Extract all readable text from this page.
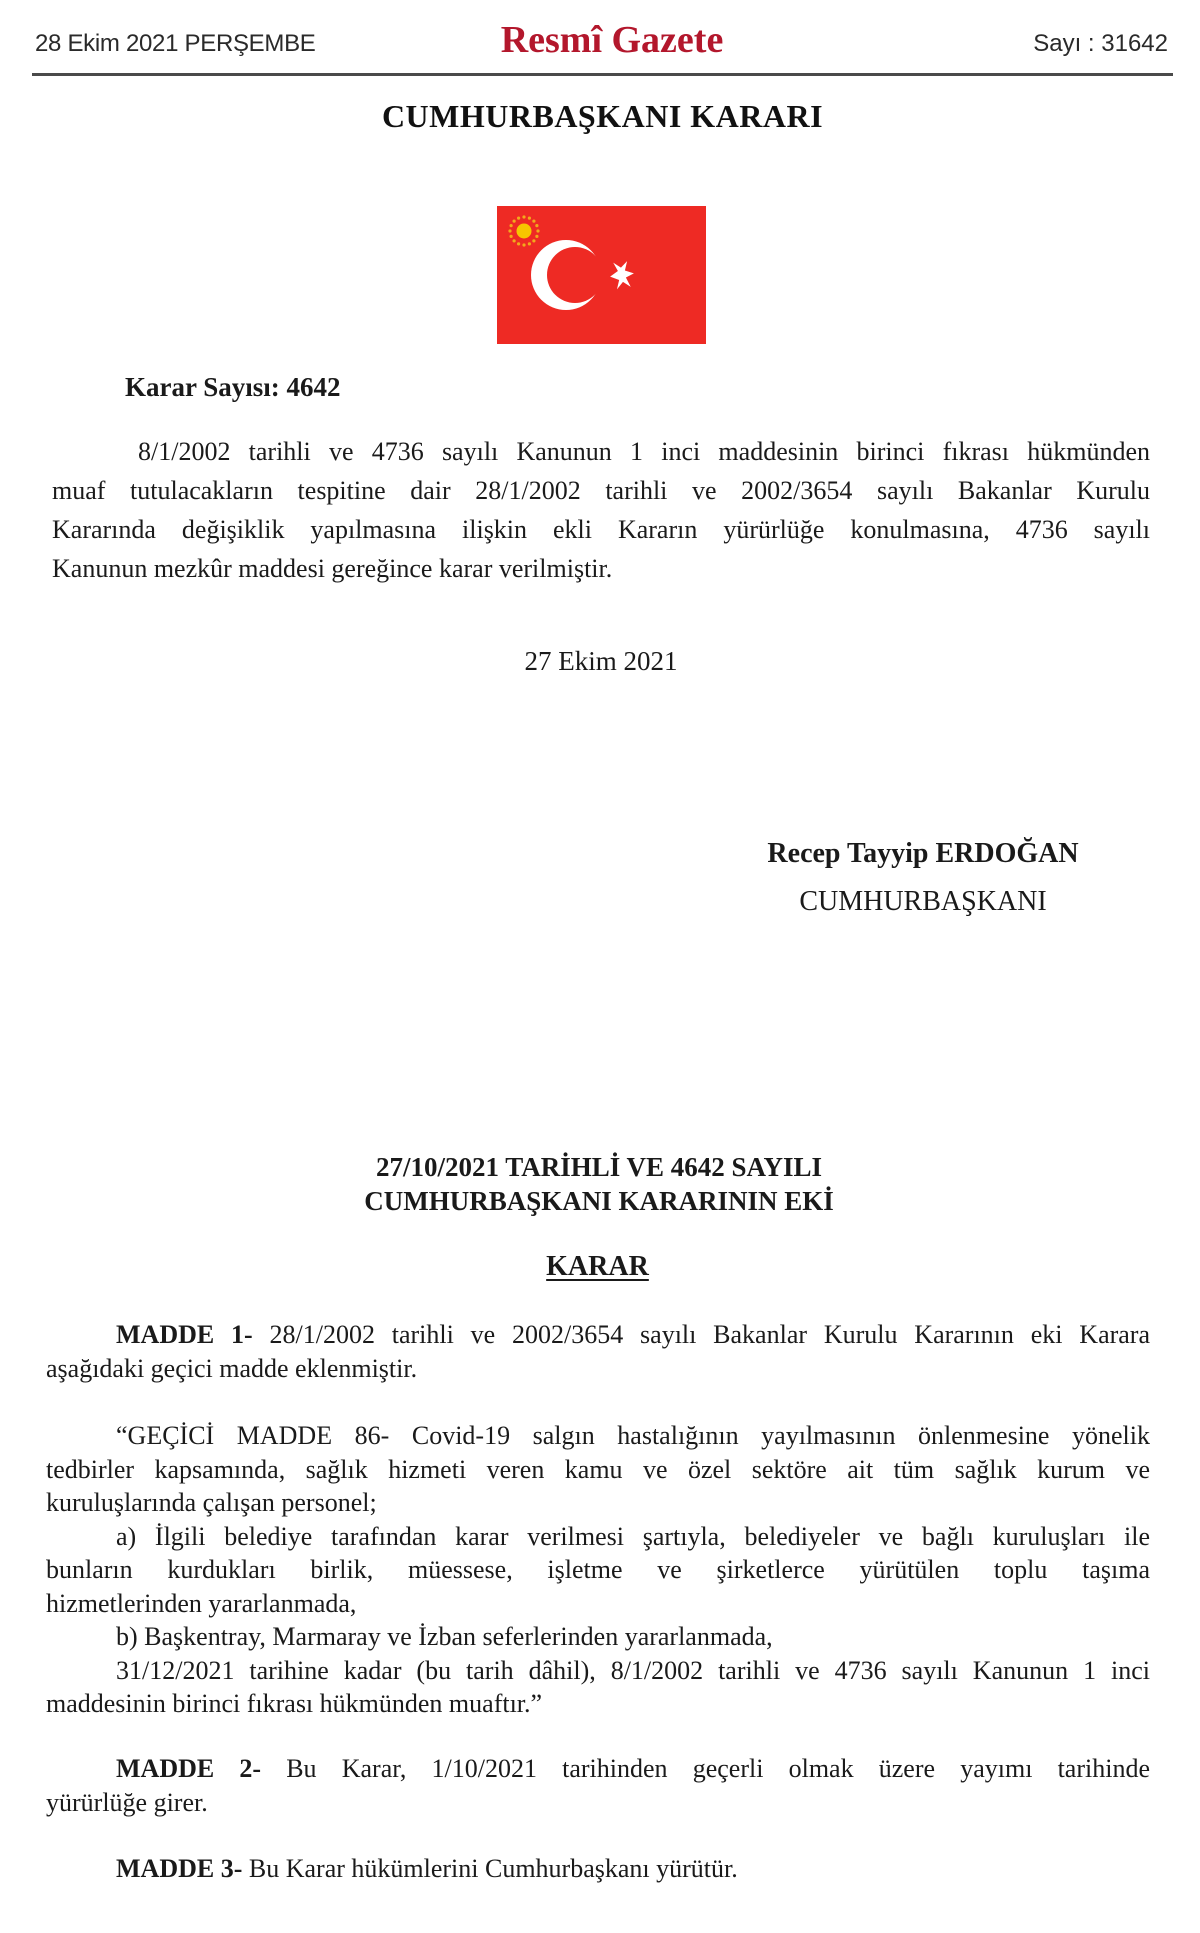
28 Ekim 2021 PERŞEMBE	Resmî Gazete	Sayı : 31642
CUMHURBAŞKANI KARARI
Karar Sayısı: 4642
8/1/2002 tarihli ve 4736 sayılı Kanunun 1 inci maddesinin birinci fıkrası hükmünden
muaf tutulacakların tespitine dair 28/1/2002 tarihli ve 2002/3654 sayılı Bakanlar Kurulu
Kararında değişiklik yapılmasına ilişkin ekli Kararın yürürlüğe konulmasına, 4736 sayılı
Kanunun mezkûr maddesi gereğince karar verilmiştir.
27 Ekim 2021
Recep Tayyip ERDOĞAN
CUMHURBAŞKANI
27/10/2021 TARİHLİ VE 4642 SAYILI
CUMHURBAŞKANI KARARININ EKİ
KARAR
MADDE 1- 28/1/2002 tarihli ve 2002/3654 sayılı Bakanlar Kurulu Kararının eki Karara
aşağıdaki geçici madde eklenmiştir.
“GEÇİCİ MADDE 86- Covid-19 salgın hastalığının yayılmasının önlenmesine yönelik
tedbirler kapsamında, sağlık hizmeti veren kamu ve özel sektöre ait tüm sağlık kurum ve
kuruluşlarında çalışan personel;
a) İlgili belediye tarafından karar verilmesi şartıyla, belediyeler ve bağlı kuruluşları ile
bunların kurdukları birlik, müessese, işletme ve şirketlerce yürütülen toplu taşıma
hizmetlerinden yararlanmada,
b) Başkentray, Marmaray ve İzban seferlerinden yararlanmada,
31/12/2021 tarihine kadar (bu tarih dâhil), 8/1/2002 tarihli ve 4736 sayılı Kanunun 1 inci
maddesinin birinci fıkrası hükmünden muaftır.”
MADDE 2- Bu Karar, 1/10/2021 tarihinden geçerli olmak üzere yayımı tarihinde
yürürlüğe girer.
MADDE 3- Bu Karar hükümlerini Cumhurbaşkanı yürütür.
